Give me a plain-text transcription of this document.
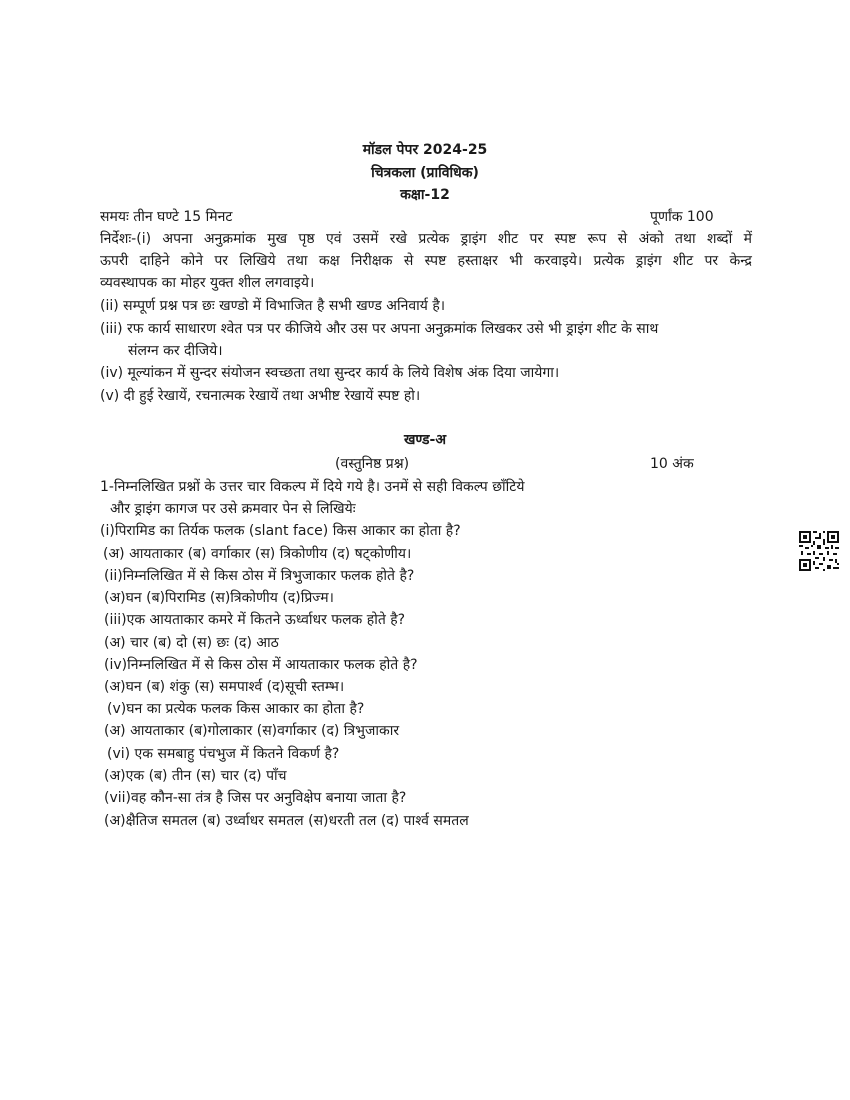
मॉडल पेपर 2024-25
चित्रकला (प्राविधिक)
कक्षा-12
समयः तीन घण्टे 15 मिनट	पूर्णांक 100
निर्देशः-(i) अपना अनुक्रमांक मुख पृष्ठ एवं उसमें रखे प्रत्येक ड्राइंग शीट पर स्पष्ट रूप से अंको तथा शब्दों में
ऊपरी दाहिने कोने पर लिखिये तथा कक्ष निरीक्षक से स्पष्ट हस्ताक्षर भी करवाइये। प्रत्येक ड्राइंग शीट पर केन्द्र
व्यवस्थापक का मोहर युक्त शील लगवाइये।
(ii) सम्पूर्ण प्रश्न पत्र छः खण्डो में विभाजित है सभी खण्ड अनिवार्य है।
(iii) रफ कार्य साधारण श्वेत पत्र पर कीजिये और उस पर अपना अनुक्रमांक लिखकर उसे भी ड्राइंग शीट के साथ
संलग्न कर दीजिये।
(iv) मूल्यांकन में सुन्दर संयोजन स्वच्छता तथा सुन्दर कार्य के लिये विशेष अंक दिया जायेगा।
(v) दी हुई रेखायें, रचनात्मक रेखायें तथा अभीष्ट रेखायें स्पष्ट हो।
खण्ड-अ
(वस्तुनिष्ठ प्रश्न)	10 अंक
1-निम्नलिखित प्रश्नों के उत्तर चार विकल्प में दिये गये है। उनमें से सही विकल्प छाँटिये
और ड्राइंग कागज पर उसे क्रमवार पेन से लिखियेः
(i)पिरामिड का तिर्यक फलक (slant face) किस आकार का होता है?
(अ) आयताकार (ब) वर्गाकार (स) त्रिकोणीय (द) षट्कोणीय।
(ii)निम्नलिखित में से किस ठोस में त्रिभुजाकार फलक होते है?
(अ)घन (ब)पिरामिड (स)त्रिकोणीय (द)प्रिज्म।
(iii)एक आयताकार कमरे में कितने ऊर्ध्वाधर फलक होते है?
(अ) चार (ब) दो (स) छः (द) आठ
(iv)निम्नलिखित में से किस ठोस में आयताकार फलक होते है?
(अ)घन (ब) शंकु (स) समपार्श्व (द)सूची स्तम्भ।
(v)घन का प्रत्येक फलक किस आकार का होता है?
(अ) आयताकार (ब)गोलाकार (स)वर्गाकार (द) त्रिभुजाकार
(vi) एक समबाहु पंचभुज में कितने विकर्ण है?
(अ)एक (ब) तीन (स) चार (द) पाँच
(vii)वह कौन-सा तंत्र है जिस पर अनुविक्षेप बनाया जाता है?
(अ)क्षैतिज समतल (ब) उर्ध्वाधर समतल (स)धरती तल (द) पार्श्व समतल
